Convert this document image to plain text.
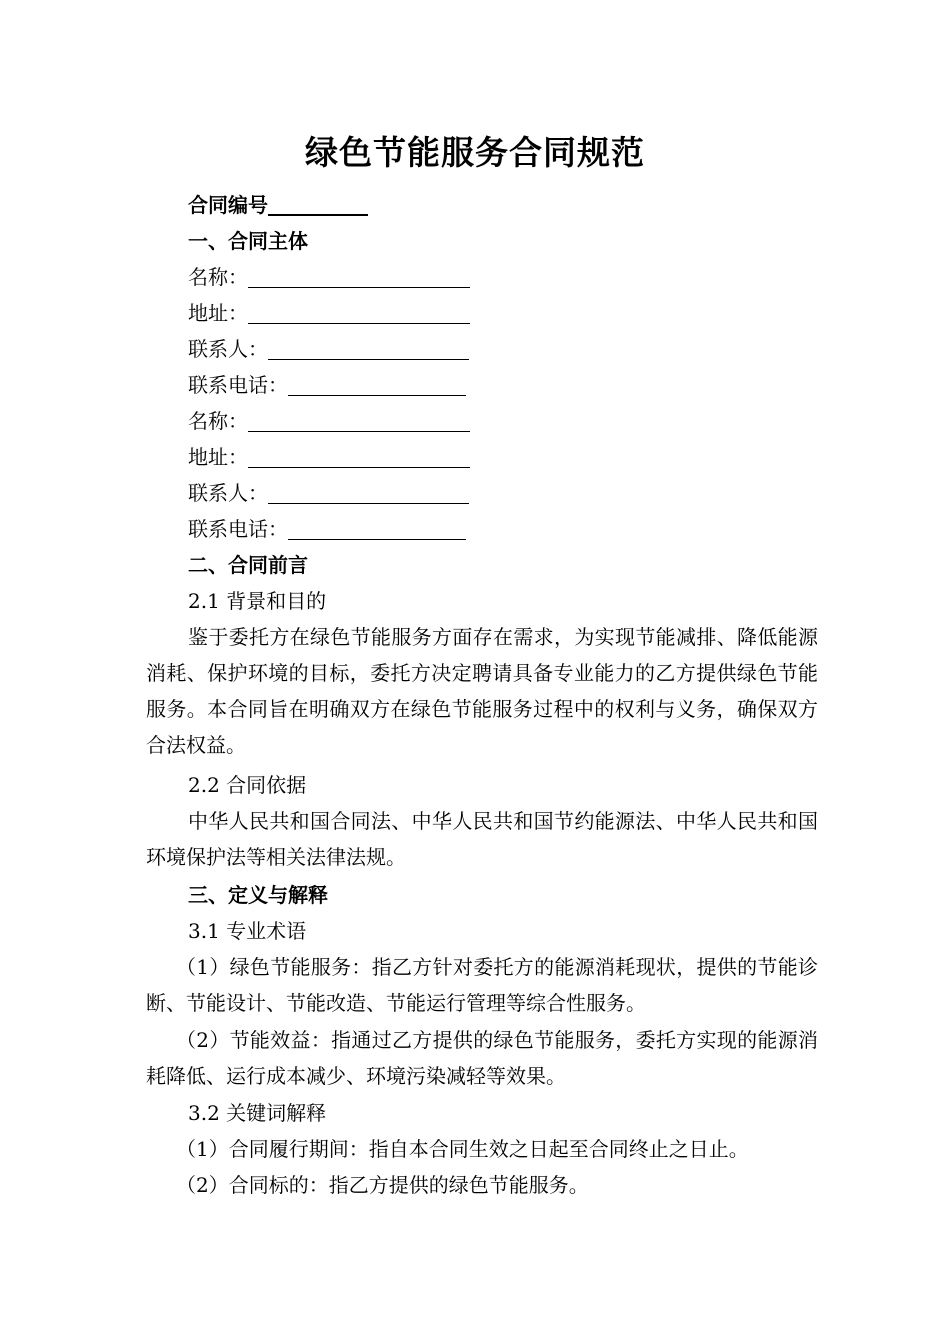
绿色节能服务合同规范
合同编号
一、合同主体
名称：
地址：
联系人：
联系电话：
名称：
地址：
联系人：
联系电话：
二、合同前言
2.1 背景和目的
鉴于委托方在绿色节能服务方面存在需求，为实现节能减排、降低能源消耗、保护环境的目标，委托方决定聘请具备专业能力的乙方提供绿色节能服务。本合同旨在明确双方在绿色节能服务过程中的权利与义务，确保双方合法权益。
2.2 合同依据
中华人民共和国合同法、中华人民共和国节约能源法、中华人民共和国环境保护法等相关法律法规。
三、定义与解释
3.1 专业术语
（1）绿色节能服务：指乙方针对委托方的能源消耗现状，提供的节能诊断、节能设计、节能改造、节能运行管理等综合性服务。
（2）节能效益：指通过乙方提供的绿色节能服务，委托方实现的能源消耗降低、运行成本减少、环境污染减轻等效果。
3.2 关键词解释
（1）合同履行期间：指自本合同生效之日起至合同终止之日止。
（2）合同标的：指乙方提供的绿色节能服务。
